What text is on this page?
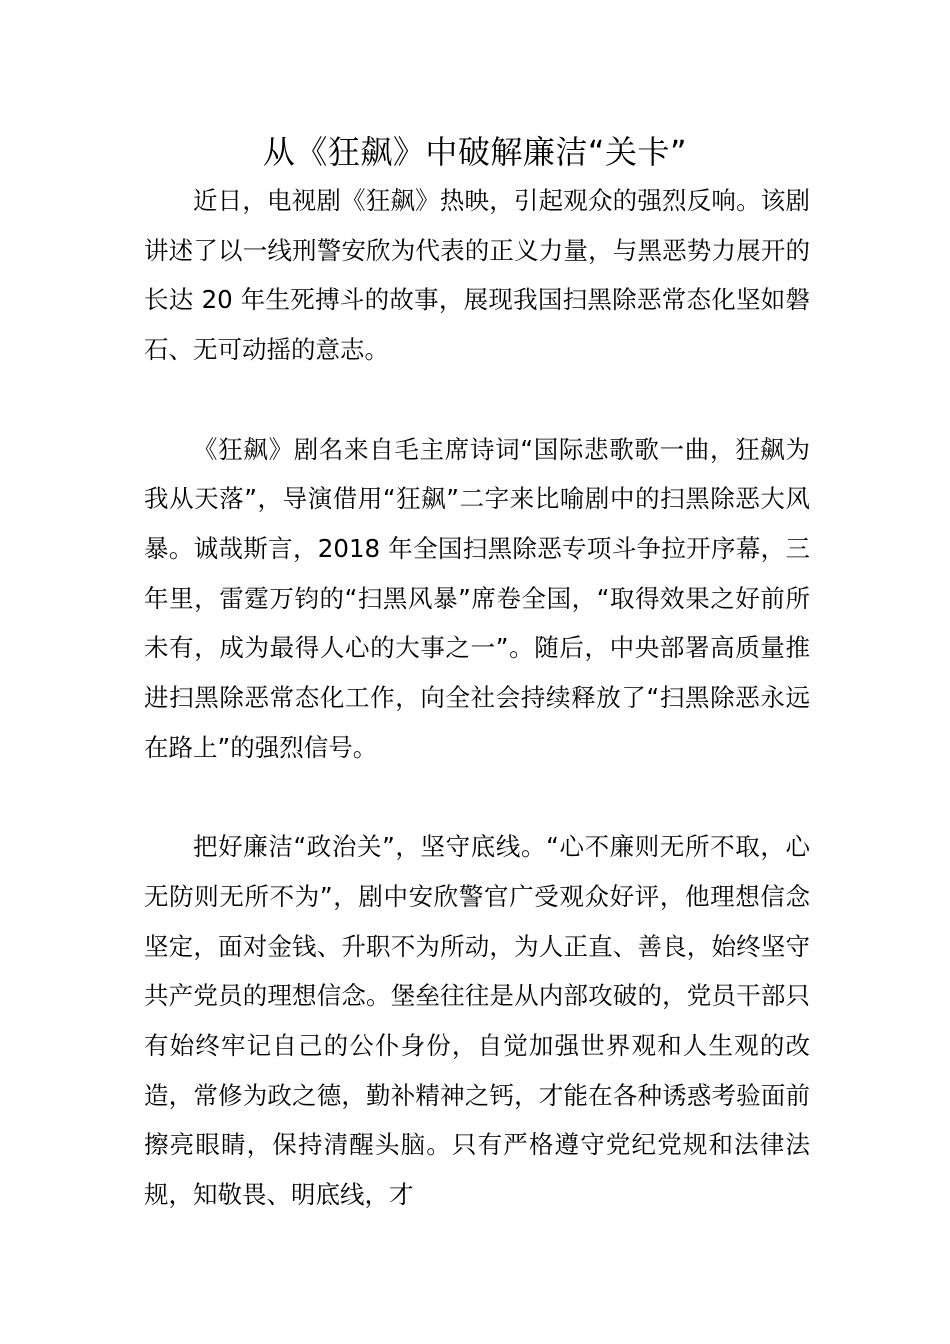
从《狂飙》中破解廉洁“关卡”

近日，电视剧《狂飙》热映，引起观众的强烈反响。该剧讲述了以一线刑警安欣为代表的正义力量，与黑恶势力展开的长达 20 年生死搏斗的故事，展现我国扫黑除恶常态化坚如磐石、无可动摇的意志。

《狂飙》剧名来自毛主席诗词“国际悲歌歌一曲，狂飙为我从天落”，导演借用“狂飙”二字来比喻剧中的扫黑除恶大风暴。诚哉斯言，2018 年全国扫黑除恶专项斗争拉开序幕，三年里，雷霆万钧的“扫黑风暴”席卷全国，“取得效果之好前所未有，成为最得人心的大事之一”。随后，中央部署高质量推进扫黑除恶常态化工作，向全社会持续释放了“扫黑除恶永远在路上”的强烈信号。

把好廉洁“政治关”，坚守底线。“心不廉则无所不取，心无防则无所不为”，剧中安欣警官广受观众好评，他理想信念坚定，面对金钱、升职不为所动，为人正直、善良，始终坚守共产党员的理想信念。堡垒往往是从内部攻破的，党员干部只有始终牢记自己的公仆身份，自觉加强世界观和人生观的改造，常修为政之德，勤补精神之钙，才能在各种诱惑考验面前擦亮眼睛，保持清醒头脑。只有严格遵守党纪党规和法律法规，知敬畏、明底线，才
